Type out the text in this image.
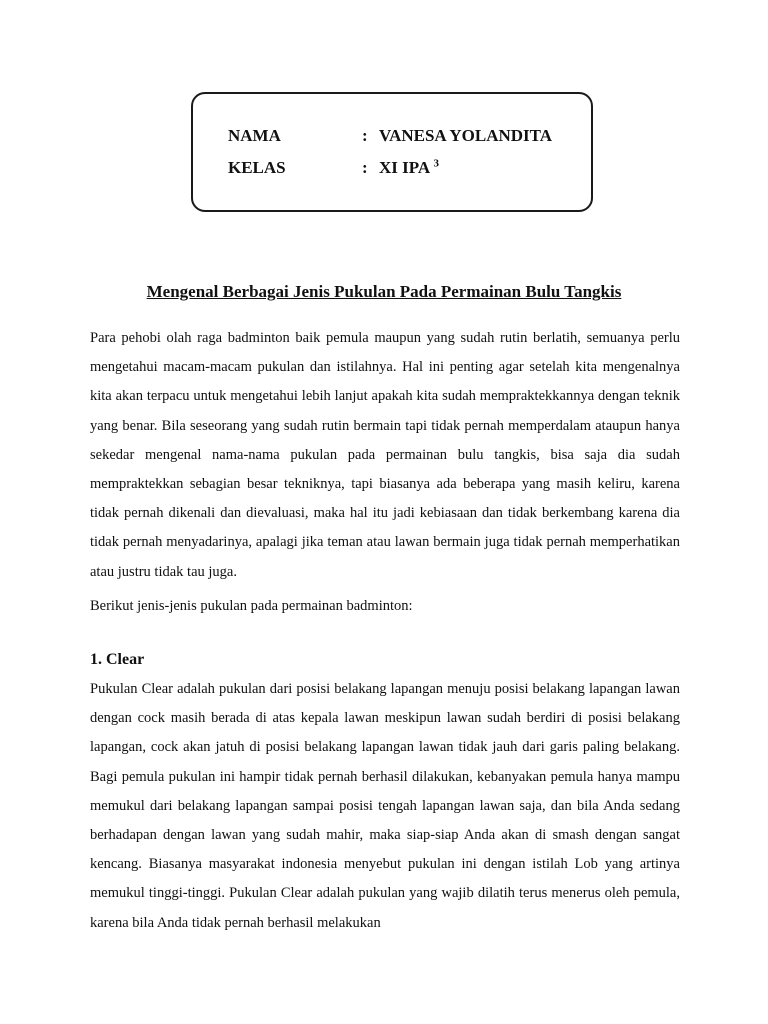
NAMA	: VANESA YOLANDITA
KELAS	: XI IPA $^3$
Mengenal Berbagai Jenis Pukulan Pada Permainan Bulu Tangkis

Para pehobi olah raga badminton baik pemula maupun yang sudah rutin berlatih, semuanya perlu mengetahui macam-macam pukulan dan istilahnya. Hal ini penting agar setelah kita mengenalnya kita akan terpacu untuk mengetahui lebih lanjut apakah kita sudah mempraktekkannya dengan teknik yang benar. Bila seseorang yang sudah rutin bermain tapi tidak pernah memperdalam ataupun hanya sekedar mengenal nama-nama pukulan pada permainan bulu tangkis, bisa saja dia sudah mempraktekkan sebagian besar tekniknya, tapi biasanya ada beberapa yang masih keliru, karena tidak pernah dikenali dan dievaluasi, maka hal itu jadi kebiasaan dan tidak berkembang karena dia tidak pernah menyadarinya, apalagi jika teman atau lawan bermain juga tidak pernah memperhatikan atau justru tidak tau juga.

Berikut jenis-jenis pukulan pada permainan badminton:

1. Clear

Pukulan Clear adalah pukulan dari posisi belakang lapangan menuju posisi belakang lapangan lawan dengan cock masih berada di atas kepala lawan meskipun lawan sudah berdiri di posisi belakang lapangan, cock akan jatuh di posisi belakang lapangan lawan tidak jauh dari garis paling belakang. Bagi pemula pukulan ini hampir tidak pernah berhasil dilakukan, kebanyakan pemula hanya mampu memukul dari belakang lapangan sampai posisi tengah lapangan lawan saja, dan bila Anda sedang berhadapan dengan lawan yang sudah mahir, maka siap-siap Anda akan di smash dengan sangat kencang. Biasanya masyarakat indonesia menyebut pukulan ini dengan istilah Lob yang artinya memukul tinggi-tinggi. Pukulan Clear adalah pukulan yang wajib dilatih terus menerus oleh pemula, karena bila Anda tidak pernah berhasil melakukan
